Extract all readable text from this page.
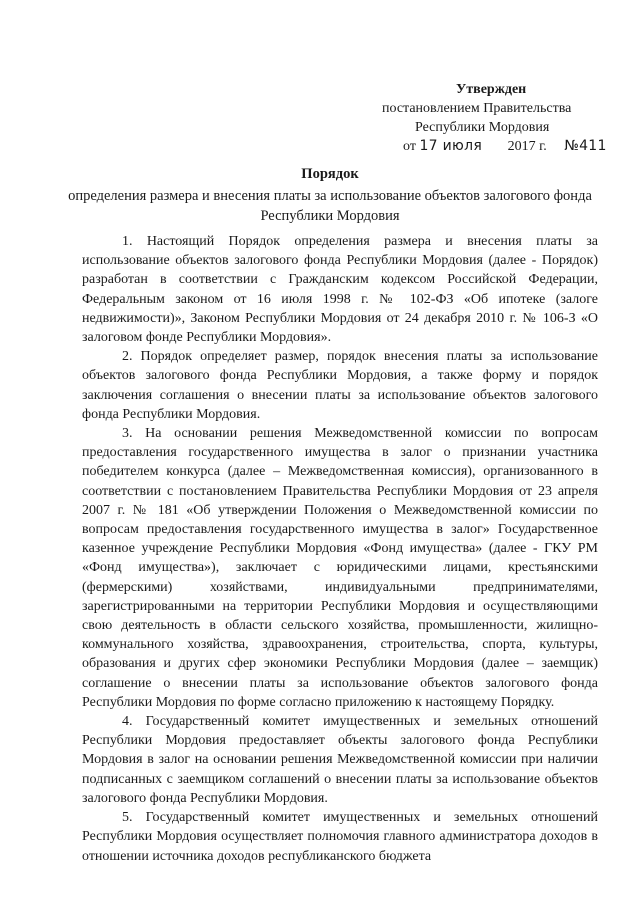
Утвержден
постановлением Правительства
Республики Мордовия
от 17 июля 2017 г. №411
Порядок
определения размера и внесения платы за использование объектов залогового фонда Республики Мордовия

1. Настоящий Порядок определения размера и внесения платы за использование объектов залогового фонда Республики Мордовия (далее - Порядок) разработан в соответствии с Гражданским кодексом Российской Федерации, Федеральным законом от 16 июля 1998 г. № 102-ФЗ «Об ипотеке (залоге недвижимости)», Законом Республики Мордовия от 24 декабря 2010 г. № 106-З «О залоговом фонде Республики Мордовия».

2. Порядок определяет размер, порядок внесения платы за использование объектов залогового фонда Республики Мордовия, а также форму и порядок заключения соглашения о внесении платы за использование объектов залогового фонда Республики Мордовия.

3. На основании решения Межведомственной комиссии по вопросам предоставления государственного имущества в залог о признании участника победителем конкурса (далее – Межведомственная комиссия), организованного в соответствии с постановлением Правительства Республики Мордовия от 23 апреля 2007 г. № 181 «Об утверждении Положения о Межведомственной комиссии по вопросам предоставления государственного имущества в залог» Государственное казенное учреждение Республики Мордовия «Фонд имущества» (далее - ГКУ РМ «Фонд имущества»), заключает с юридическими лицами, крестьянскими (фермерскими) хозяйствами, индивидуальными предпринимателями, зарегистрированными на территории Республики Мордовия и осуществляющими свою деятельность в области сельского хозяйства, промышленности, жилищно-коммунального хозяйства, здравоохранения, строительства, спорта, культуры, образования и других сфер экономики Республики Мордовия (далее – заемщик) соглашение о внесении платы за использование объектов залогового фонда Республики Мордовия по форме согласно приложению к настоящему Порядку.

4. Государственный комитет имущественных и земельных отношений Республики Мордовия предоставляет объекты залогового фонда Республики Мордовия в залог на основании решения Межведомственной комиссии при наличии подписанных с заемщиком соглашений о внесении платы за использование объектов залогового фонда Республики Мордовия.

5. Государственный комитет имущественных и земельных отношений Республики Мордовия осуществляет полномочия главного администратора доходов в отношении источника доходов республиканского бюджета
